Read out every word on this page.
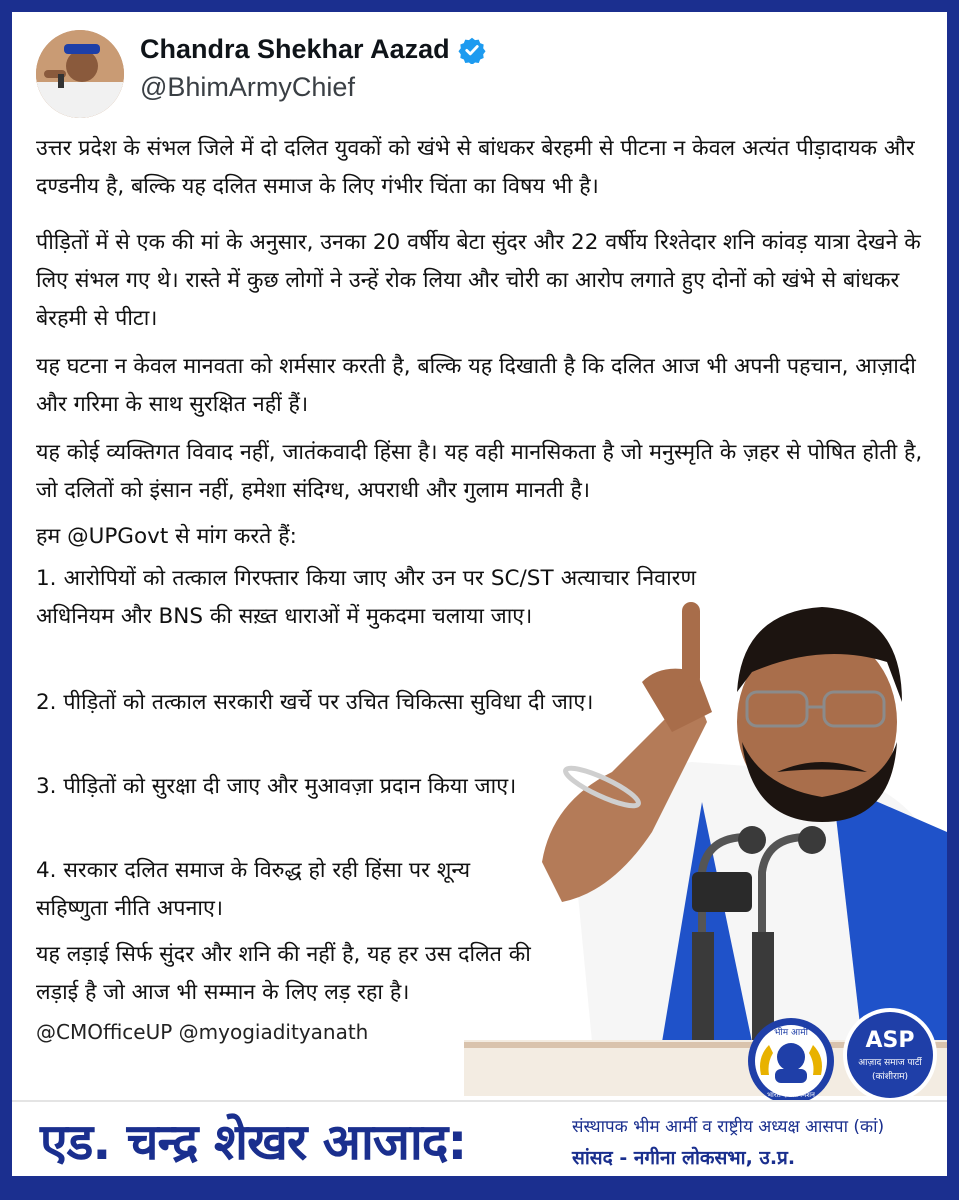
Chandra Shekhar Aazad
@BhimArmyChief
उत्तर प्रदेश के संभल जिले में दो दलित युवकों को खंभे से बांधकर बेरहमी से पीटना न केवल अत्यंत पीड़ादायक और दण्डनीय है, बल्कि यह दलित समाज के लिए गंभीर चिंता का विषय भी है।
पीड़ितों में से एक की मां के अनुसार, उनका 20 वर्षीय बेटा सुंदर और 22 वर्षीय रिश्तेदार शनि कांवड़ यात्रा देखने के लिए संभल गए थे। रास्ते में कुछ लोगों ने उन्हें रोक लिया और चोरी का आरोप लगाते हुए दोनों को खंभे से बांधकर बेरहमी से पीटा।
यह घटना न केवल मानवता को शर्मसार करती है, बल्कि यह दिखाती है कि दलित आज भी अपनी पहचान, आज़ादी और गरिमा के साथ सुरक्षित नहीं हैं।
यह कोई व्यक्तिगत विवाद नहीं, जातंकवादी हिंसा है। यह वही मानसिकता है जो मनुस्मृति के ज़हर से पोषित होती है, जो दलितों को इंसान नहीं, हमेशा संदिग्ध, अपराधी और गुलाम मानती है।
हम @UPGovt से मांग करते हैं:
1. आरोपियों को तत्काल गिरफ्तार किया जाए और उन पर SC/ST अत्याचार निवारण अधिनियम और BNS की सख़्त धाराओं में मुकदमा चलाया जाए।
2. पीड़ितों को तत्काल सरकारी खर्चे पर उचित चिकित्सा सुविधा दी जाए।
3. पीड़ितों को सुरक्षा दी जाए और मुआवज़ा प्रदान किया जाए।
4. सरकार दलित समाज के विरुद्ध हो रही हिंसा पर शून्य सहिष्णुता नीति अपनाए।
यह लड़ाई सिर्फ सुंदर और शनि की नहीं है, यह हर उस दलित की लड़ाई है जो आज भी सम्मान के लिए लड़ रहा है।
@CMOfficeUP @myogiadityanath	भीम आर्मी
भारत एकता मिशन
ASP
आज़ाद समाज पार्टी
(कांशीराम)
एड. चन्द्र शेखर आजाद:	संस्थापक भीम आर्मी व राष्ट्रीय अध्यक्ष आसपा (कां)
सांसद - नगीना लोकसभा, उ.प्र.
